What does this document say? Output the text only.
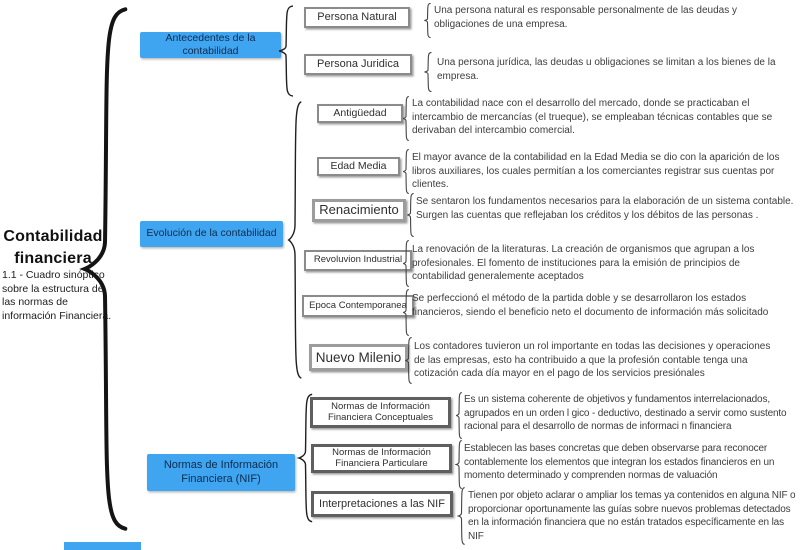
Contabilidad
financiera
1.1 - Cuadro sinóptico sobre la estructura de las normas de información Financiera.
Antecedentes de la contabilidad
Persona Natural
Una persona natural es responsable personalmente de las deudas y obligaciones de una empresa.
Persona Juridica	Una persona jurídica, las deudas u obligaciones se limitan a los bienes de la empresa.
Evolución de la contabilidad
Antigüedad
La contabilidad nace con el desarrollo del mercado, donde se practicaban el intercambio de mercancías (el trueque), se empleaban técnicas contables que se derivaban del intercambio comercial.
Edad Media
El mayor avance de la contabilidad en la Edad Media se dio con la aparición de los libros auxiliares, los cuales permitían a los comerciantes registrar sus cuentas por clientes.
Renacimiento
Se sentaron los fundamentos necesarios para la elaboración de un sistema contable. Surgen las cuentas que reflejaban los créditos y los débitos de las personas .
Revoluvion Industrial
La renovación de la literaturas. La creación de organismos que agrupan a los profesionales. El fomento de instituciones para la emisión de principios de contabilidad generalemente aceptados
Epoca Contemporanea
Se perfeccionó el método de la partida doble y se desarrollaron los estados financieros, siendo el beneficio neto el documento de información más solicitado
Nuevo Milenio
Los contadores tuvieron un rol importante en todas las decisiones y operaciones de las empresas, esto ha contribuido a que la profesión contable tenga una cotización cada día mayor en el pago de los servicios presiónales
Normas de Información Financiera (NIF)
Normas de Información Financiera Conceptuales
Es un sistema coherente de objetivos y fundamentos interrelacionados, agrupados en un orden l gico - deductivo, destinado a servir como sustento racional para el desarrollo de normas de informaci n financiera
Normas de Información Financiera Particulare
Establecen las bases concretas que deben observarse para reconocer contablemente los elementos que integran los estados financieros en un momento determinado y comprenden normas de valuación
Interpretaciones a las NIF
Tienen por objeto aclarar o ampliar los temas ya contenidos en alguna NIF o proporcionar oportunamente las guías sobre nuevos problemas detectados en la información financiera que no están tratados específicamente en las NIF
